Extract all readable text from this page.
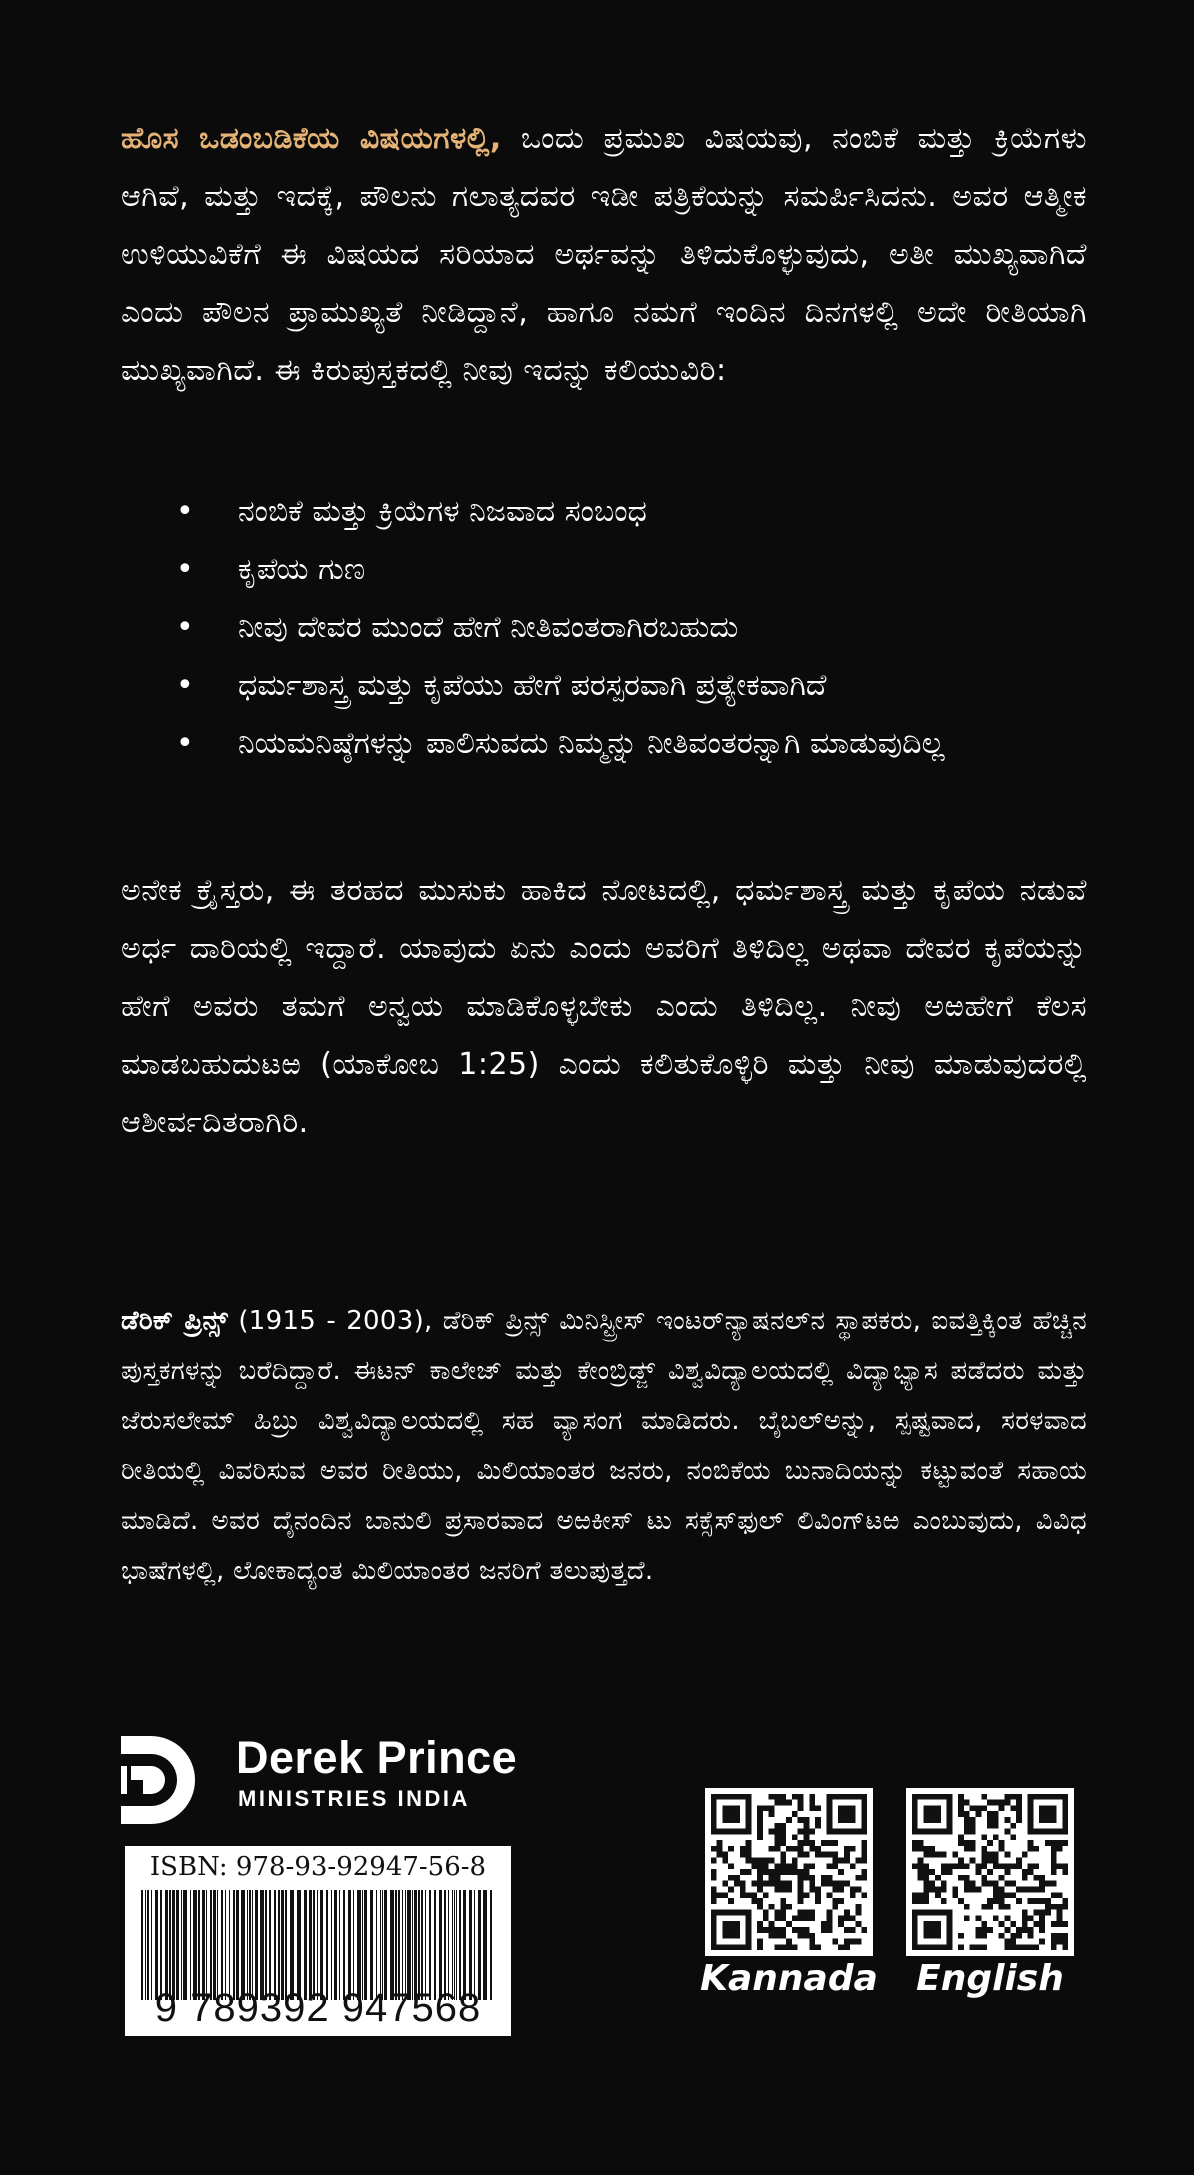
ಹೊಸ ಒಡಂಬಡಿಕೆಯ ವಿಷಯಗಳಲ್ಲಿ, ಒಂದು ಪ್ರಮುಖ ವಿಷಯವು, ನಂಬಿಕೆ ಮತ್ತು ಕ್ರಿಯೆಗಳು ಆಗಿವೆ, ಮತ್ತು ಇದಕ್ಕೆ, ಪೌಲನು ಗಲಾತ್ಯದವರ ಇಡೀ ಪತ್ರಿಕೆಯನ್ನು ಸಮರ್ಪಿಸಿದನು. ಅವರ ಆತ್ಮೀಕ ಉಳಿಯುವಿಕೆಗೆ ಈ ವಿಷಯದ ಸರಿಯಾದ ಅರ್ಥವನ್ನು ತಿಳಿದುಕೊಳ್ಳುವುದು, ಅತೀ ಮುಖ್ಯವಾಗಿದೆ ಎಂದು ಪೌಲನ ಪ್ರಾಮುಖ್ಯತೆ ನೀಡಿದ್ದಾನೆ, ಹಾಗೂ ನಮಗೆ ಇಂದಿನ ದಿನಗಳಲ್ಲಿ ಅದೇ ರೀತಿಯಾಗಿ ಮುಖ್ಯವಾಗಿದೆ. ಈ ಕಿರುಪುಸ್ತಕದಲ್ಲಿ ನೀವು ಇದನ್ನು ಕಲಿಯುವಿರಿ:
• ನಂಬಿಕೆ ಮತ್ತು ಕ್ರಿಯೆಗಳ ನಿಜವಾದ ಸಂಬಂಧ
• ಕೃಪೆಯ ಗುಣ
• ನೀವು ದೇವರ ಮುಂದೆ ಹೇಗೆ ನೀತಿವಂತರಾಗಿರಬಹುದು
• ಧರ್ಮಶಾಸ್ತ್ರ ಮತ್ತು ಕೃಪೆಯು ಹೇಗೆ ಪರಸ್ಪರವಾಗಿ ಪ್ರತ್ಯೇಕವಾಗಿದೆ
• ನಿಯಮನಿಷ್ಠೆಗಳನ್ನು ಪಾಲಿಸುವದು ನಿಮ್ಮನ್ನು ನೀತಿವಂತರನ್ನಾಗಿ ಮಾಡುವುದಿಲ್ಲ
ಅನೇಕ ಕ್ರೈಸ್ತರು, ಈ ತರಹದ ಮುಸುಕು ಹಾಕಿದ ನೋಟದಲ್ಲಿ, ಧರ್ಮಶಾಸ್ತ್ರ ಮತ್ತು ಕೃಪೆಯ ನಡುವೆ ಅರ್ಧ ದಾರಿಯಲ್ಲಿ ಇದ್ದಾರೆ. ಯಾವುದು ಏನು ಎಂದು ಅವರಿಗೆ ತಿಳಿದಿಲ್ಲ ಅಥವಾ ದೇವರ ಕೃಪೆಯನ್ನು ಹೇಗೆ ಅವರು ತಮಗೆ ಅನ್ವಯ ಮಾಡಿಕೊಳ್ಳಬೇಕು ಎಂದು ತಿಳಿದಿಲ್ಲ. ನೀವು ಅಱಹೇಗೆ ಕೆಲಸ ಮಾಡಬಹುದುಟಱ (ಯಾಕೋಬ 1:25) ಎಂದು ಕಲಿತುಕೊಳ್ಳಿರಿ ಮತ್ತು ನೀವು ಮಾಡುವುದರಲ್ಲಿ ಆಶೀರ್ವದಿತರಾಗಿರಿ.
ಡೆರಿಕ್ ಪ್ರಿನ್ಸ್ (1915 - 2003), ಡೆರಿಕ್ ಪ್ರಿನ್ಸ್ ಮಿನಿಸ್ಟ್ರೀಸ್ ಇಂಟರ್‌ನ್ಯಾಷನಲ್‌ನ ಸ್ಥಾಪಕರು, ಐವತ್ತಿಕ್ಕಿಂತ ಹೆಚ್ಚಿನ ಪುಸ್ತಕಗಳನ್ನು ಬರೆದಿದ್ದಾರೆ. ಈಟನ್ ಕಾಲೇಜ್ ಮತ್ತು ಕೇಂಬ್ರಿಡ್ಜ್ ವಿಶ್ವವಿದ್ಯಾಲಯದಲ್ಲಿ ವಿದ್ಯಾಭ್ಯಾಸ ಪಡೆದರು ಮತ್ತು ಜೆರುಸಲೇಮ್ ಹಿಬ್ರು ವಿಶ್ವವಿದ್ಯಾಲಯದಲ್ಲಿ ಸಹ ವ್ಯಾಸಂಗ ಮಾಡಿದರು. ಬೈಬಲ್‌ಅನ್ನು, ಸ್ಪಷ್ಟವಾದ, ಸರಳವಾದ ರೀತಿಯಲ್ಲಿ ವಿವರಿಸುವ ಅವರ ರೀತಿಯು, ಮಿಲಿಯಾಂತರ ಜನರು, ನಂಬಿಕೆಯ ಬುನಾದಿಯನ್ನು ಕಟ್ಟುವಂತೆ ಸಹಾಯ ಮಾಡಿದೆ. ಅವರ ದೈನಂದಿನ ಬಾನುಲಿ ಪ್ರಸಾರವಾದ ಅಱಕೀಸ್ ಟು ಸಕ್ಸೆಸ್‌ಫುಲ್ ಲಿವಿಂಗ್‌ಟಱ ಎಂಬುವುದು, ವಿವಿಧ ಭಾಷೆಗಳಲ್ಲಿ, ಲೋಕಾದ್ಯಂತ ಮಿಲಿಯಾಂತರ ಜನರಿಗೆ ತಲುಪುತ್ತದೆ.
Derek Prince
MINISTRIES INDIA
ISBN: 978-93-92947-56-8
9 789392 947568
Kannada	English
